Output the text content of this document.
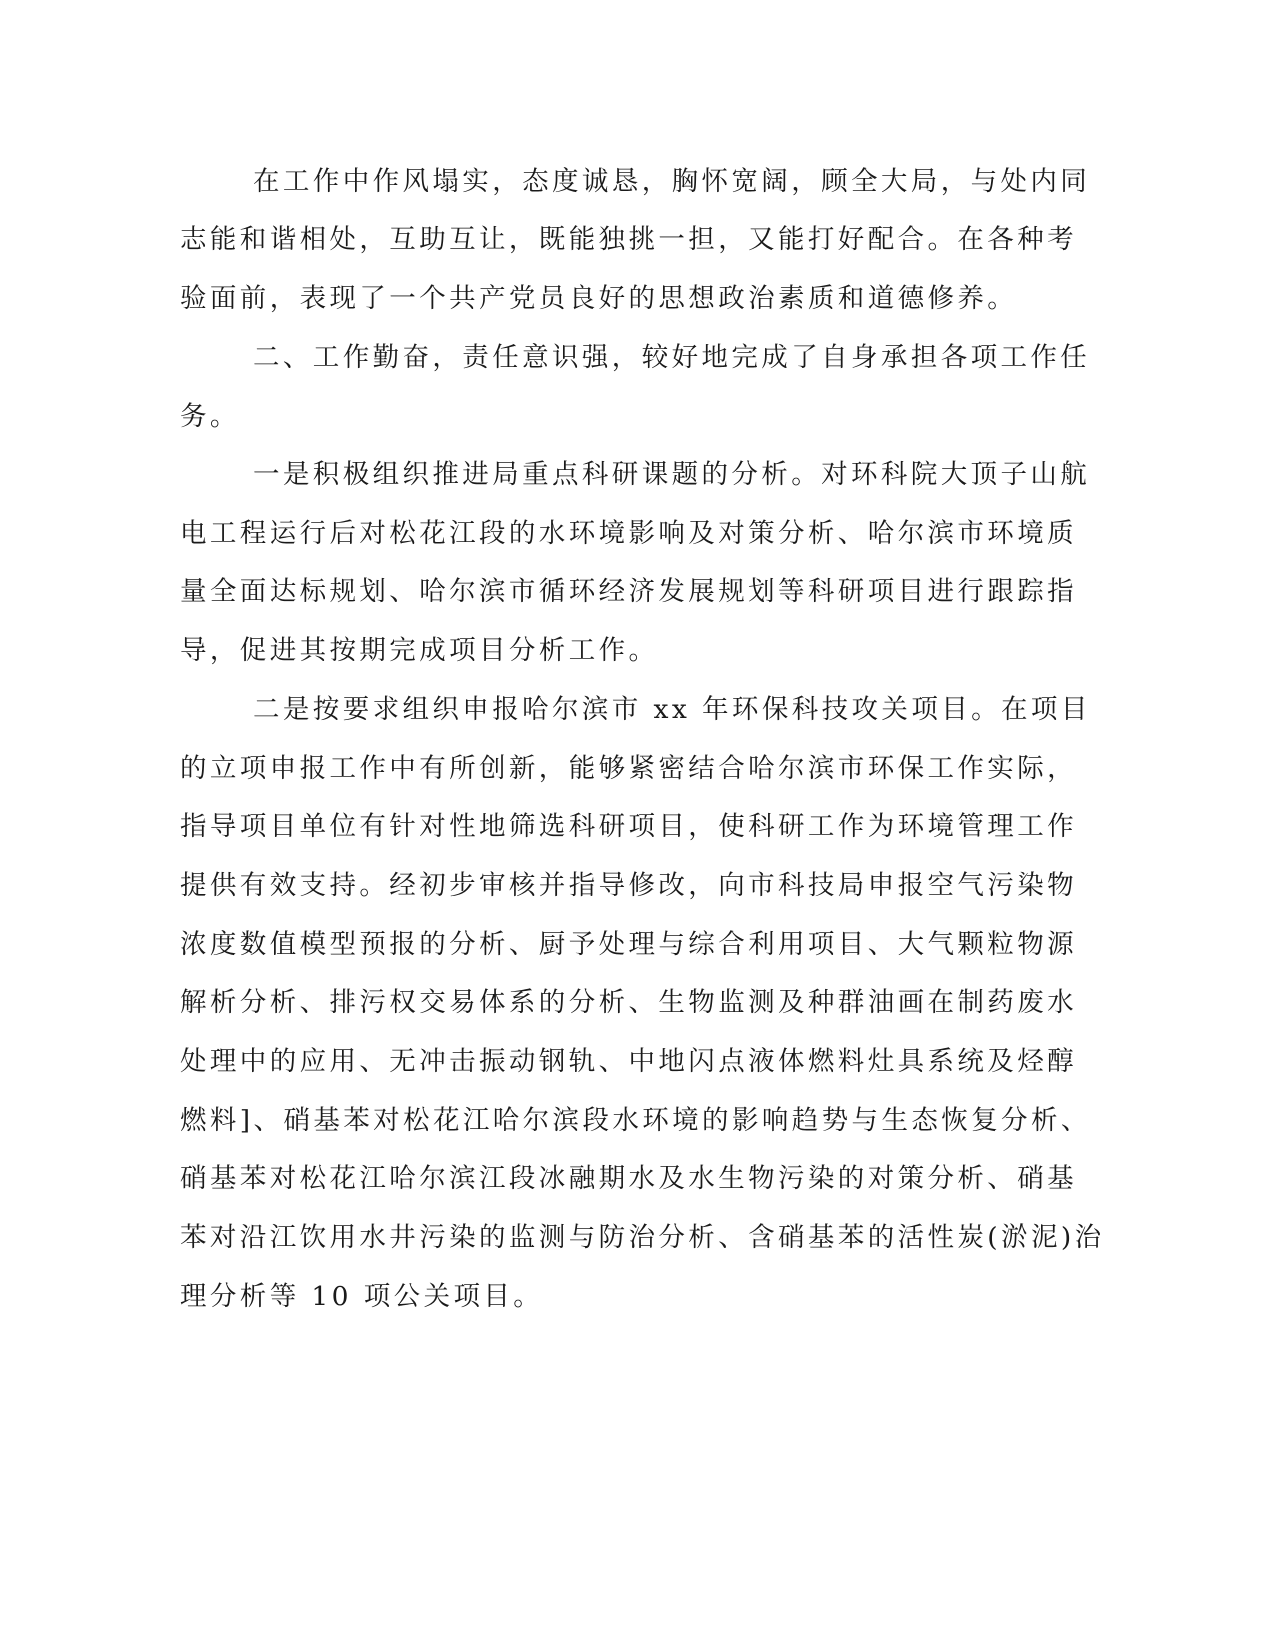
在工作中作风塌实，态度诚恳，胸怀宽阔，顾全大局，与处内同
志能和谐相处，互助互让，既能独挑一担，又能打好配合。在各种考
验面前，表现了一个共产党员良好的思想政治素质和道德修养。
二、工作勤奋，责任意识强，较好地完成了自身承担各项工作任
务。
一是积极组织推进局重点科研课题的分析。对环科院大顶子山航
电工程运行后对松花江段的水环境影响及对策分析、哈尔滨市环境质
量全面达标规划、哈尔滨市循环经济发展规划等科研项目进行跟踪指
导，促进其按期完成项目分析工作。
二是按要求组织申报哈尔滨市 xx 年环保科技攻关项目。在项目
的立项申报工作中有所创新，能够紧密结合哈尔滨市环保工作实际，
指导项目单位有针对性地筛选科研项目，使科研工作为环境管理工作
提供有效支持。经初步审核并指导修改，向市科技局申报空气污染物
浓度数值模型预报的分析、厨予处理与综合利用项目、大气颗粒物源
解析分析、排污权交易体系的分析、生物监测及种群油画在制药废水
处理中的应用、无冲击振动钢轨、中地闪点液体燃料灶具系统及烃醇
燃料]、硝基苯对松花江哈尔滨段水环境的影响趋势与生态恢复分析、
硝基苯对松花江哈尔滨江段冰融期水及水生物污染的对策分析、硝基
苯对沿江饮用水井污染的监测与防治分析、含硝基苯的活性炭(淤泥)治
理分析等 10 项公关项目。
